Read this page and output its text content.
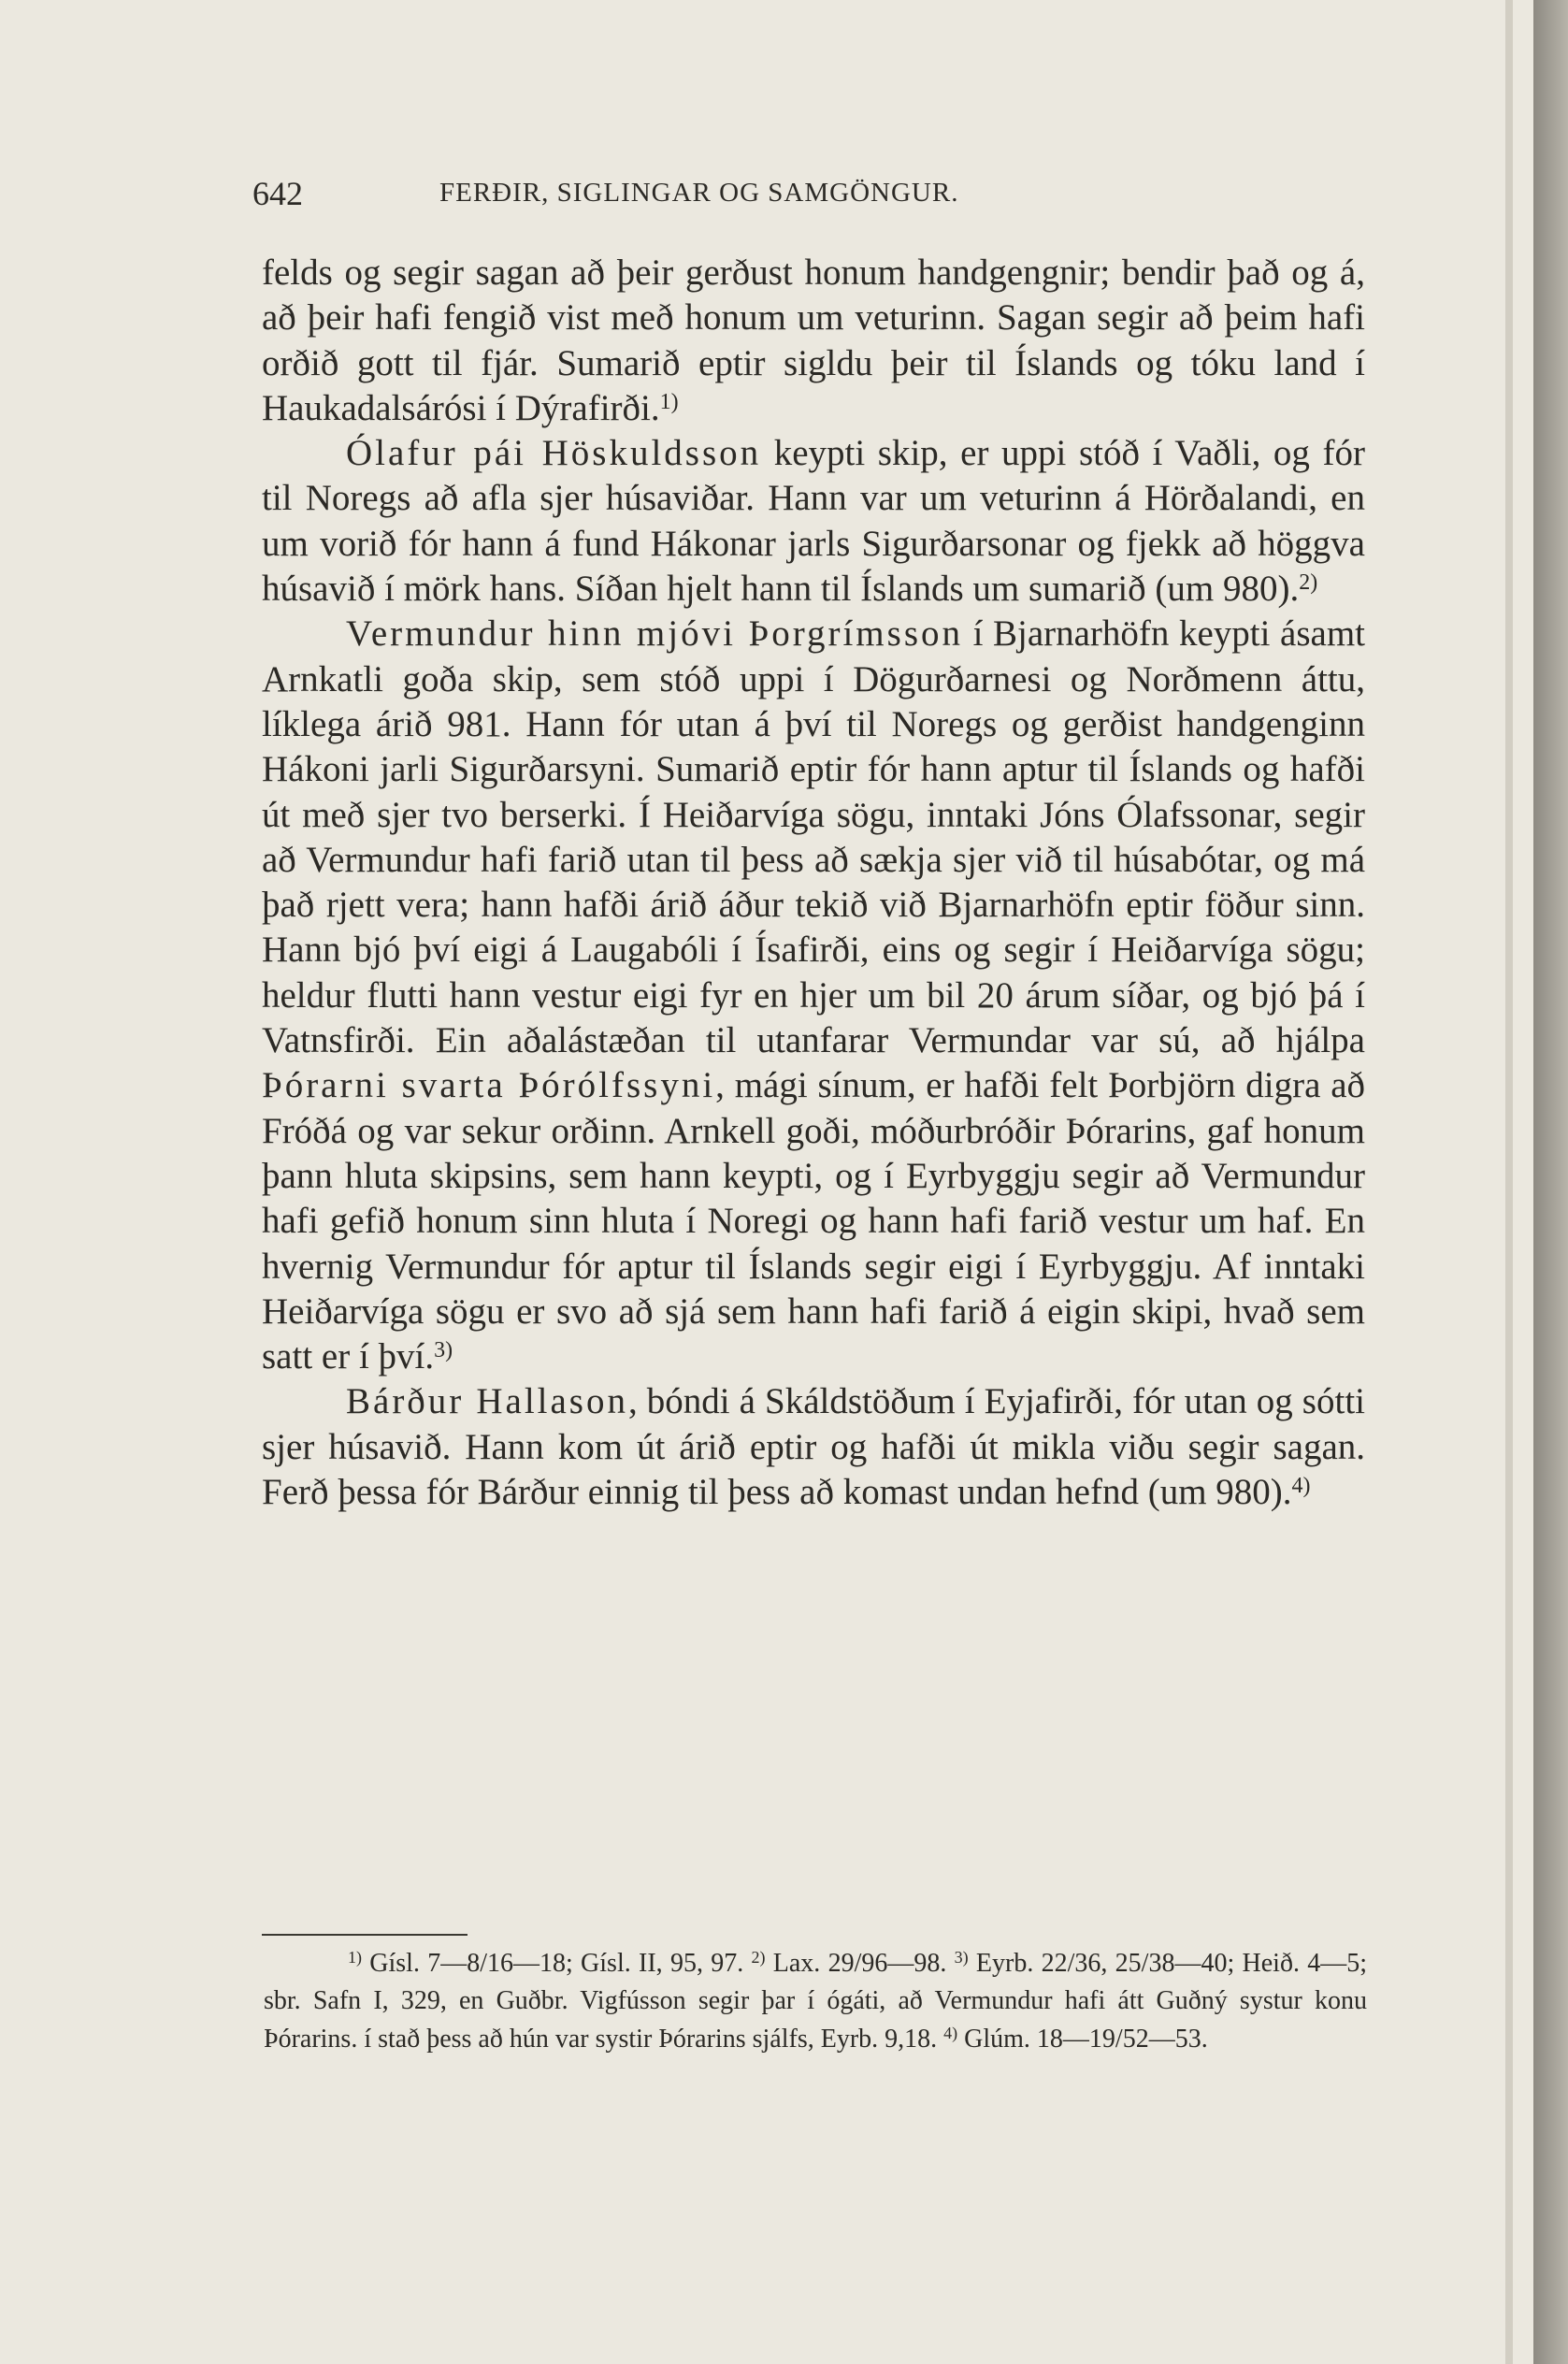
642	FERÐIR, SIGLINGAR OG SAMGÖNGUR.

felds og segir sagan að þeir gerðust honum handgengnir; bendir það og á, að þeir hafi fengið vist með honum um veturinn. Sagan segir að þeim hafi orðið gott til fjár. Sumarið eptir sigldu þeir til Íslands og tóku land í Haukadalsárósi í Dýrafirði.$^{1)}$

Ólafur pái Höskuldsson keypti skip, er uppi stóð í Vaðli, og fór til Noregs að afla sjer húsaviðar. Hann var um veturinn á Hörðalandi, en um vorið fór hann á fund Hákonar jarls Sigurðarsonar og fjekk að höggva húsavið í mörk hans. Síðan hjelt hann til Íslands um sumarið (um 980).$^{2)}$

Vermundur hinn mjóvi Þorgrímsson í Bjarnarhöfn keypti ásamt Arnkatli goða skip, sem stóð uppi í Dögurðarnesi og Norðmenn áttu, líklega árið 981. Hann fór utan á því til Noregs og gerðist handgenginn Hákoni jarli Sigurðarsyni. Sumarið eptir fór hann aptur til Íslands og hafði út með sjer tvo berserki. Í Heiðarvíga sögu, inntaki Jóns Ólafssonar, segir að Vermundur hafi farið utan til þess að sækja sjer við til húsabótar, og má það rjett vera; hann hafði árið áður tekið við Bjarnarhöfn eptir föður sinn. Hann bjó því eigi á Laugabóli í Ísafirði, eins og segir í Heiðarvíga sögu; heldur flutti hann vestur eigi fyr en hjer um bil 20 árum síðar, og bjó þá í Vatnsfirði. Ein aðalástæðan til utanfarar Vermundar var sú, að hjálpa Þórarni svarta Þórólfssyni, mági sínum, er hafði felt Þorbjörn digra að Fróðá og var sekur orðinn. Arnkell goði, móðurbróðir Þórarins, gaf honum þann hluta skipsins, sem hann keypti, og í Eyrbyggju segir að Vermundur hafi gefið honum sinn hluta í Noregi og hann hafi farið vestur um haf. En hvernig Vermundur fór aptur til Íslands segir eigi í Eyrbyggju. Af inntaki Heiðarvíga sögu er svo að sjá sem hann hafi farið á eigin skipi, hvað sem satt er í því.$^{3)}$

Bárður Hallason, bóndi á Skáldstöðum í Eyjafirði, fór utan og sótti sjer húsavið. Hann kom út árið eptir og hafði út mikla viðu segir sagan. Ferð þessa fór Bárður einnig til þess að komast undan hefnd (um 980).$^{4)}$

$^{1)}$ Gísl. 7—8/16—18; Gísl. II, 95, 97. $^{2)}$ Lax. 29/96—98. $^{3)}$ Eyrb. 22/36, 25/38—40; Heið. 4—5; sbr. Safn I, 329, en Guðbr. Vigfússon segir þar í ógáti, að Vermundur hafi átt Guðný systur konu Þórarins. í stað þess að hún var systir Þórarins sjálfs, Eyrb. 9,18. $^{4)}$ Glúm. 18—19/52—53.
